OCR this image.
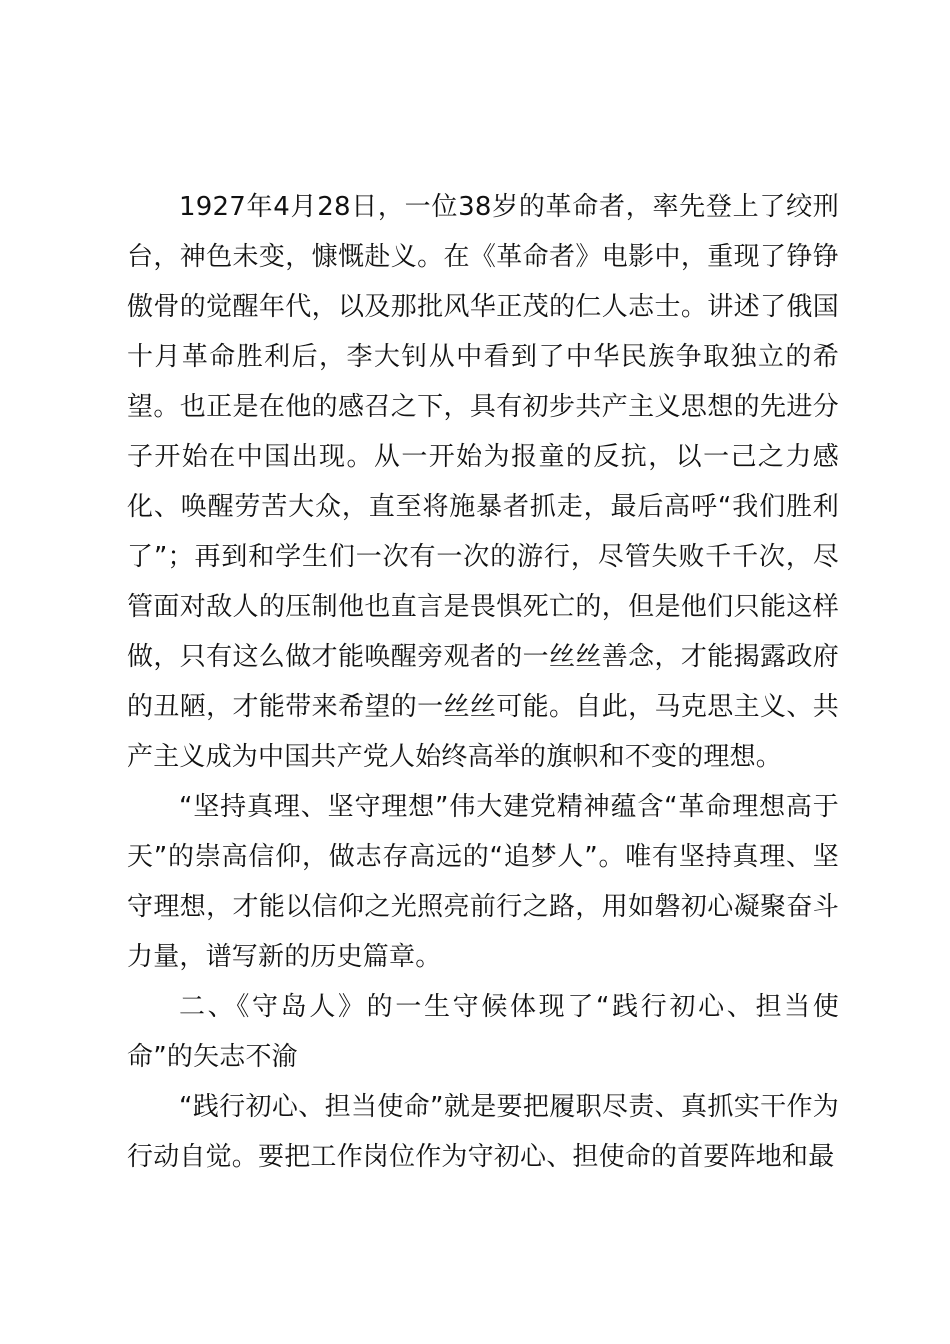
1927年4月28日，一位38岁的革命者，率先登上了绞刑台，神色未变，慷慨赴义。在《革命者》电影中，重现了铮铮傲骨的觉醒年代，以及那批风华正茂的仁人志士。讲述了俄国十月革命胜利后，李大钊从中看到了中华民族争取独立的希望。也正是在他的感召之下，具有初步共产主义思想的先进分子开始在中国出现。从一开始为报童的反抗，以一己之力感化、唤醒劳苦大众，直至将施暴者抓走，最后高呼“我们胜利了”；再到和学生们一次有一次的游行，尽管失败千千次，尽管面对敌人的压制他也直言是畏惧死亡的，但是他们只能这样做，只有这么做才能唤醒旁观者的一丝丝善念，才能揭露政府的丑陋，才能带来希望的一丝丝可能。自此，马克思主义、共产主义成为中国共产党人始终高举的旗帜和不变的理想。

“坚持真理、坚守理想”伟大建党精神蕴含“革命理想高于天”的崇高信仰，做志存高远的“追梦人”。唯有坚持真理、坚守理想，才能以信仰之光照亮前行之路，用如磐初心凝聚奋斗力量，谱写新的历史篇章。

二、《守岛人》的一生守候体现了“践行初心、担当使命”的矢志不渝

“践行初心、担当使命”就是要把履职尽责、真抓实干作为行动自觉。要把工作岗位作为守初心、担使命的首要阵地和最
